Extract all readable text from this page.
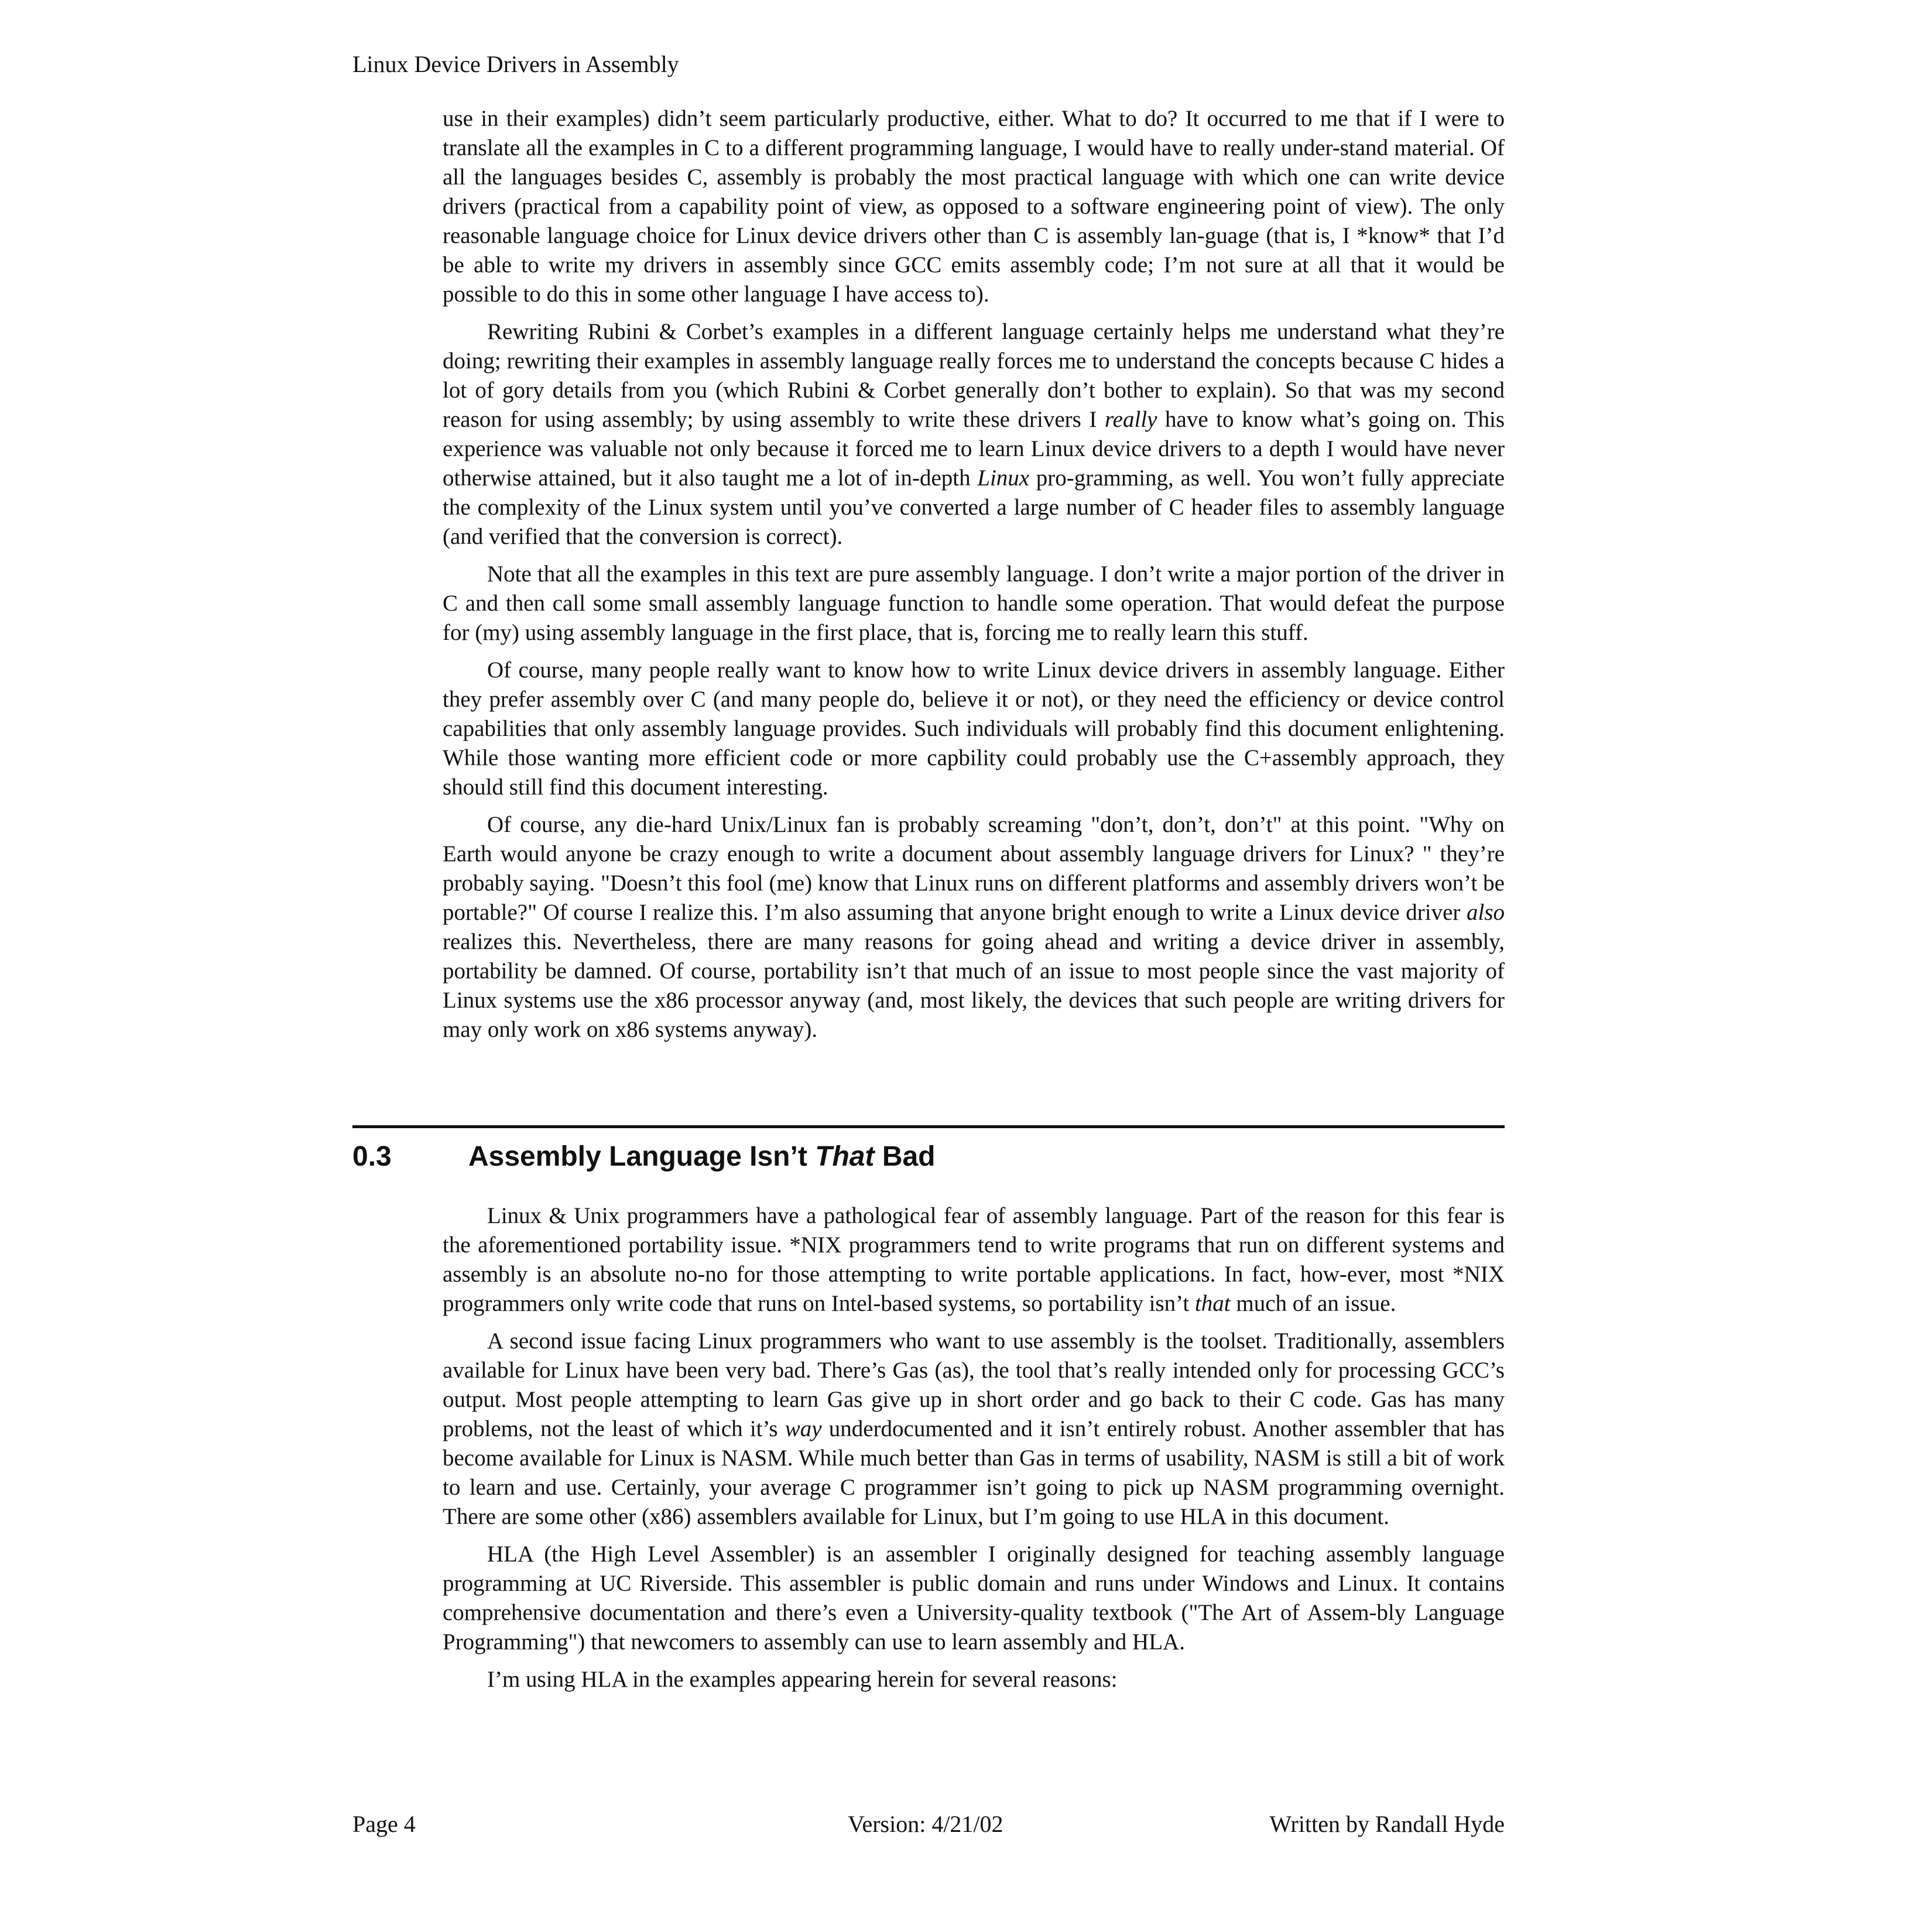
Linux Device Drivers in Assembly

use in their examples) didn’t seem particularly productive, either. What to do? It occurred to me that if I were to translate all the examples in C to a different programming language, I would have to really under-stand material. Of all the languages besides C, assembly is probably the most practical language with which one can write device drivers (practical from a capability point of view, as opposed to a software engineering point of view). The only reasonable language choice for Linux device drivers other than C is assembly lan-guage (that is, I *know* that I’d be able to write my drivers in assembly since GCC emits assembly code; I’m not sure at all that it would be possible to do this in some other language I have access to).

Rewriting Rubini & Corbet’s examples in a different language certainly helps me understand what they’re doing; rewriting their examples in assembly language really forces me to understand the concepts because C hides a lot of gory details from you (which Rubini & Corbet generally don’t bother to explain). So that was my second reason for using assembly; by using assembly to write these drivers I really have to know what’s going on. This experience was valuable not only because it forced me to learn Linux device drivers to a depth I would have never otherwise attained, but it also taught me a lot of in-depth Linux pro-gramming, as well. You won’t fully appreciate the complexity of the Linux system until you’ve converted a large number of C header files to assembly language (and verified that the conversion is correct).

Note that all the examples in this text are pure assembly language. I don’t write a major portion of the driver in C and then call some small assembly language function to handle some operation. That would defeat the purpose for (my) using assembly language in the first place, that is, forcing me to really learn this stuff.

Of course, many people really want to know how to write Linux device drivers in assembly language. Either they prefer assembly over C (and many people do, believe it or not), or they need the efficiency or device control capabilities that only assembly language provides. Such individuals will probably find this document enlightening. While those wanting more efficient code or more capbility could probably use the C+assembly approach, they should still find this document interesting.

Of course, any die-hard Unix/Linux fan is probably screaming "don’t, don’t, don’t" at this point. "Why on Earth would anyone be crazy enough to write a document about assembly language drivers for Linux? " they’re probably saying. "Doesn’t this fool (me) know that Linux runs on different platforms and assembly drivers won’t be portable?" Of course I realize this. I’m also assuming that anyone bright enough to write a Linux device driver also realizes this. Nevertheless, there are many reasons for going ahead and writing a device driver in assembly, portability be damned. Of course, portability isn’t that much of an issue to most people since the vast majority of Linux systems use the x86 processor anyway (and, most likely, the devices that such people are writing drivers for may only work on x86 systems anyway).

0.3	Assembly Language Isn’t That Bad

Linux & Unix programmers have a pathological fear of assembly language. Part of the reason for this fear is the aforementioned portability issue. *NIX programmers tend to write programs that run on different systems and assembly is an absolute no-no for those attempting to write portable applications. In fact, how-ever, most *NIX programmers only write code that runs on Intel-based systems, so portability isn’t that much of an issue.

A second issue facing Linux programmers who want to use assembly is the toolset. Traditionally, assemblers available for Linux have been very bad. There’s Gas (as), the tool that’s really intended only for processing GCC’s output. Most people attempting to learn Gas give up in short order and go back to their C code. Gas has many problems, not the least of which it’s way underdocumented and it isn’t entirely robust. Another assembler that has become available for Linux is NASM. While much better than Gas in terms of usability, NASM is still a bit of work to learn and use. Certainly, your average C programmer isn’t going to pick up NASM programming overnight. There are some other (x86) assemblers available for Linux, but I’m going to use HLA in this document.

HLA (the High Level Assembler) is an assembler I originally designed for teaching assembly language programming at UC Riverside. This assembler is public domain and runs under Windows and Linux. It contains comprehensive documentation and there’s even a University-quality textbook ("The Art of Assem-bly Language Programming") that newcomers to assembly can use to learn assembly and HLA.

I’m using HLA in the examples appearing herein for several reasons:

Page 4	Version: 4/21/02	Written by Randall Hyde
